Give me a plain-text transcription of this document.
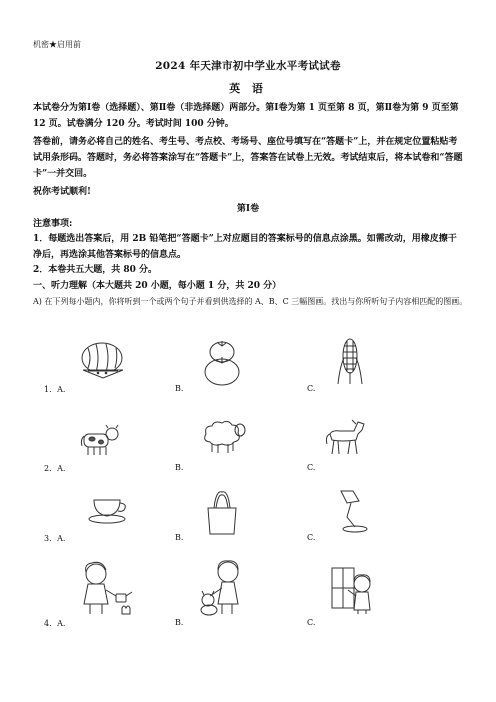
机密★启用前
2024 年天津市初中学业水平考试试卷
英 语
本试卷分为第Ⅰ卷（选择题）、第Ⅱ卷（非选择题）两部分。第Ⅰ卷为第 1 页至第 8 页，第Ⅱ卷为第 9 页至第 12 页。试卷满分 120 分。考试时间 100 分钟。
答卷前，请务必将自己的姓名、考生号、考点校、考场号、座位号填写在“答题卡”上，并在规定位置粘贴考试用条形码。答题时，务必将答案涂写在“答题卡”上，答案答在试卷上无效。考试结束后，将本试卷和“答题卡”一并交回。
祝你考试顺利!
第Ⅰ卷
注意事项:
1．每题选出答案后，用 2B 铅笔把“答题卡”上对应题目的答案标号的信息点涂黑。如需改动，用橡皮擦干净后，再选涂其他答案标号的信息点。
2．本卷共五大题，共 80 分。
一、听力理解（本大题共 20 小题，每小题 1 分，共 20 分）
A) 在下列每小题内，你将听到一个或两个句子并看到供选择的 A、B、C 三幅图画。找出与你所听句子内容相匹配的图画。
1．A.	B.	C.
2．A.	B.	C.
3．A.	B.	C.
4．A.	B.	C.
